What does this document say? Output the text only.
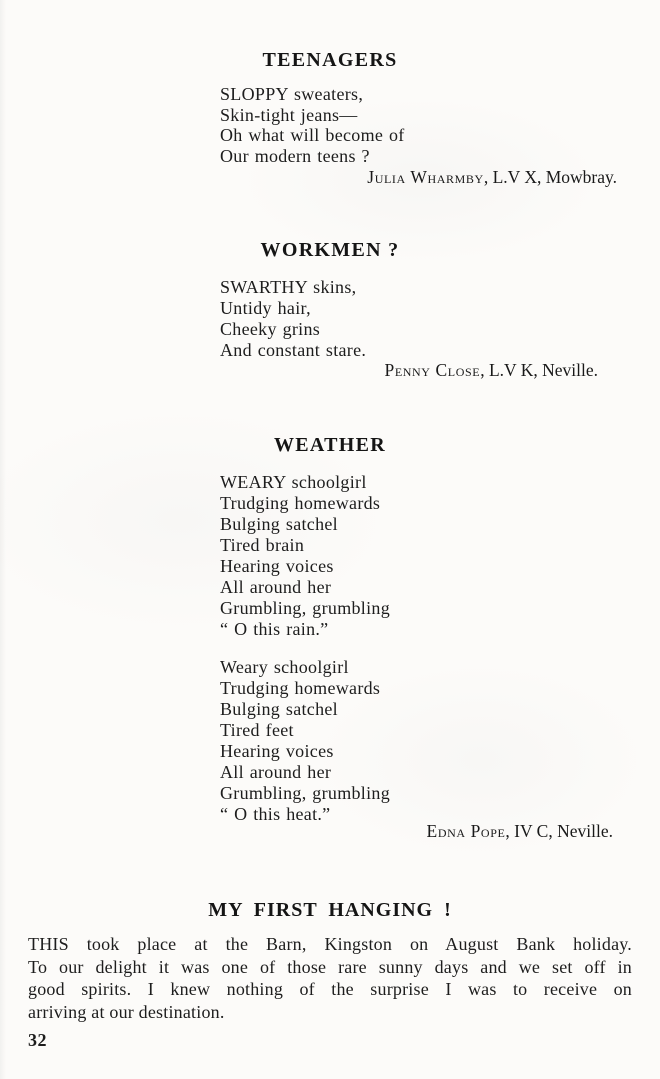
TEENAGERS
SLOPPY sweaters,
Skin-tight jeans—
Oh what will become of
Our modern teens ?
Julia Wharmby, L.V X, Mowbray.
WORKMEN ?
SWARTHY skins,
Untidy hair,
Cheeky grins
And constant stare.
Penny Close, L.V K, Neville.
WEATHER
WEARY schoolgirl
Trudging homewards
Bulging satchel
Tired brain
Hearing voices
All around her
Grumbling, grumbling
“ O this rain.”
Weary schoolgirl
Trudging homewards
Bulging satchel
Tired feet
Hearing voices
All around her
Grumbling, grumbling
“ O this heat.”
Edna Pope, IV C, Neville.
MY FIRST HANGING !
THIS took place at the Barn, Kingston on August Bank holiday.
To our delight it was one of those rare sunny days and we set off in
good spirits. I knew nothing of the surprise I was to receive on
arriving at our destination.
32
